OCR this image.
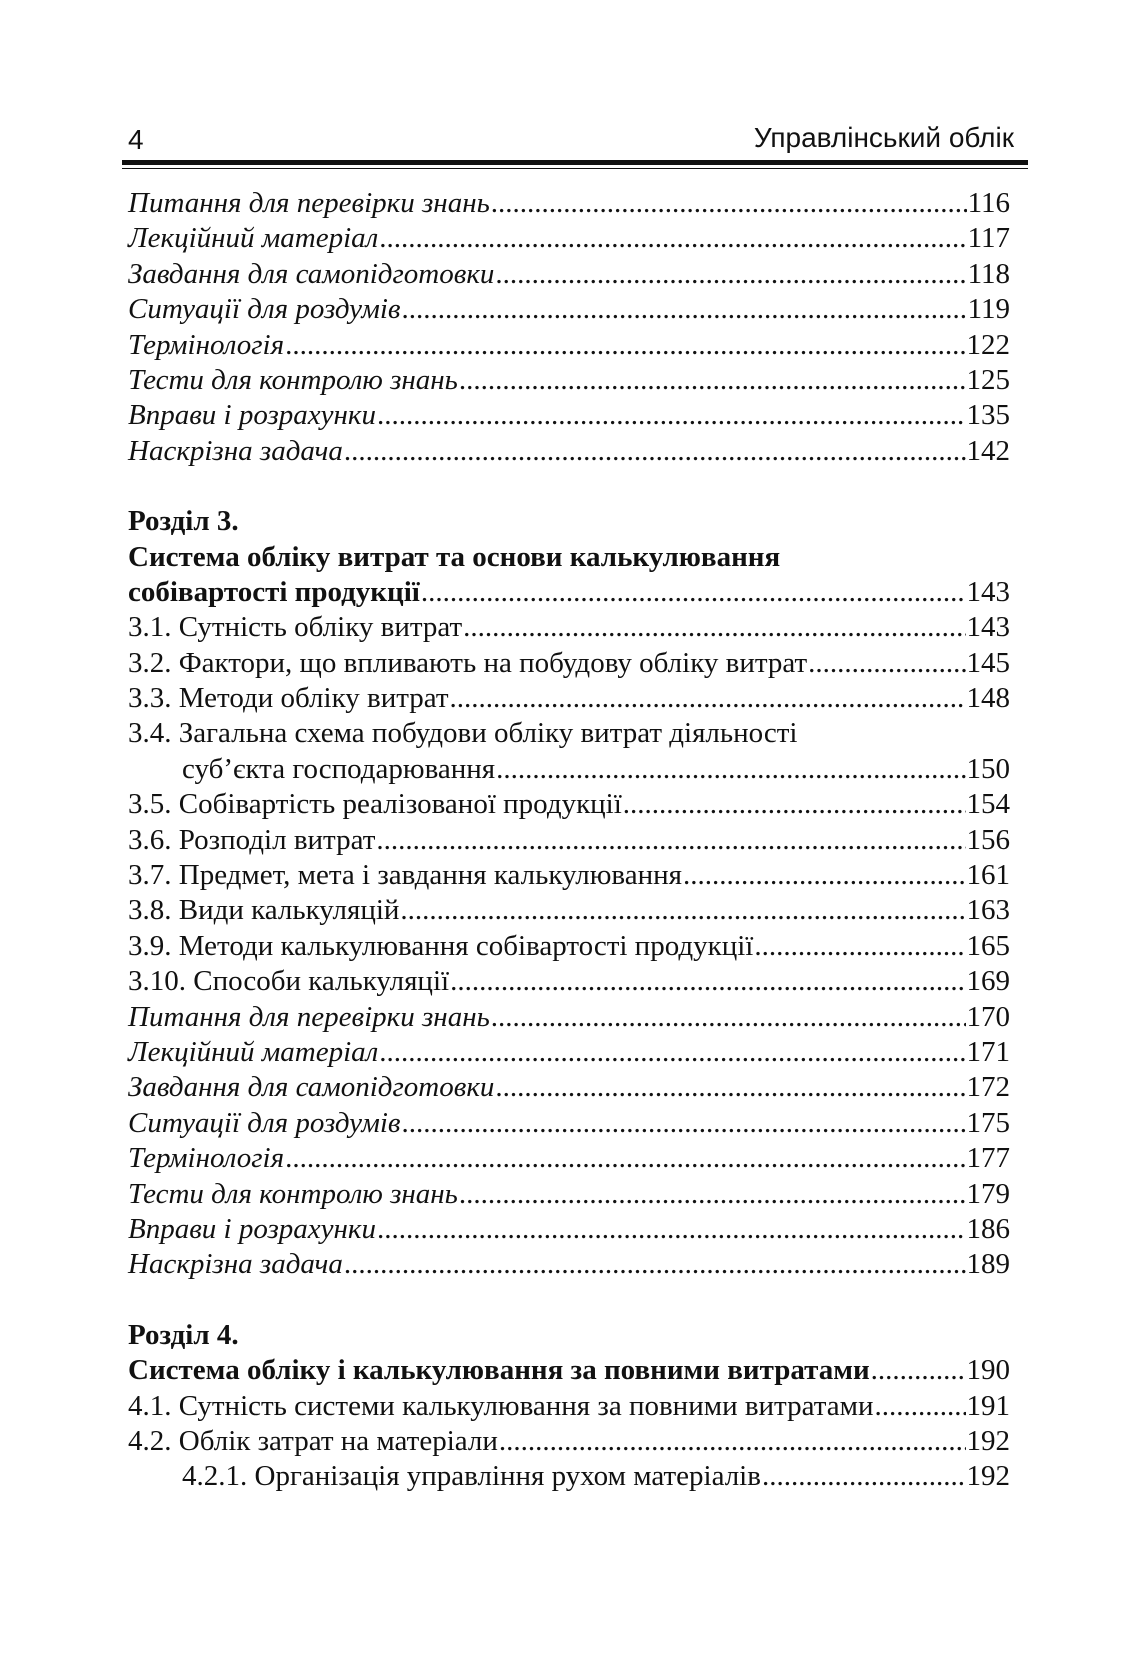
4	Управлінський облік
Питання для перевірки знань .....	116
Лекційний матеріал .....	117
Завдання для самопідготовки .....	118
Ситуації для роздумів .....	119
Термінологія .....	122
Тести для контролю знань .....	125
Вправи і розрахунки .....	135
Наскрізна задача .....	142
Розділ 3.
Система обліку витрат та основи калькулювання
собівартості продукції .....	143
3.1. Сутність обліку витрат .....	143
3.2. Фактори, що впливають на побудову обліку витрат .....	145
3.3. Методи обліку витрат .....	148
3.4. Загальна схема побудови обліку витрат діяльності
суб’єкта господарювання .....	150
3.5. Собівартість реалізованої продукції .....	154
3.6. Розподіл витрат .....	156
3.7. Предмет, мета і завдання калькулювання .....	161
3.8. Види калькуляцій .....	163
3.9. Методи калькулювання собівартості продукції .....	165
3.10. Способи калькуляції .....	169
Питання для перевірки знань .....	170
Лекційний матеріал .....	171
Завдання для самопідготовки .....	172
Ситуації для роздумів .....	175
Термінологія .....	177
Тести для контролю знань .....	179
Вправи і розрахунки .....	186
Наскрізна задача .....	189
Розділ 4.
Система обліку і калькулювання за повними витратами .....	190
4.1. Сутність системи калькулювання за повними витратами .....	191
4.2. Облік затрат на матеріали .....	192
4.2.1. Організація управління рухом матеріалів .....	192
